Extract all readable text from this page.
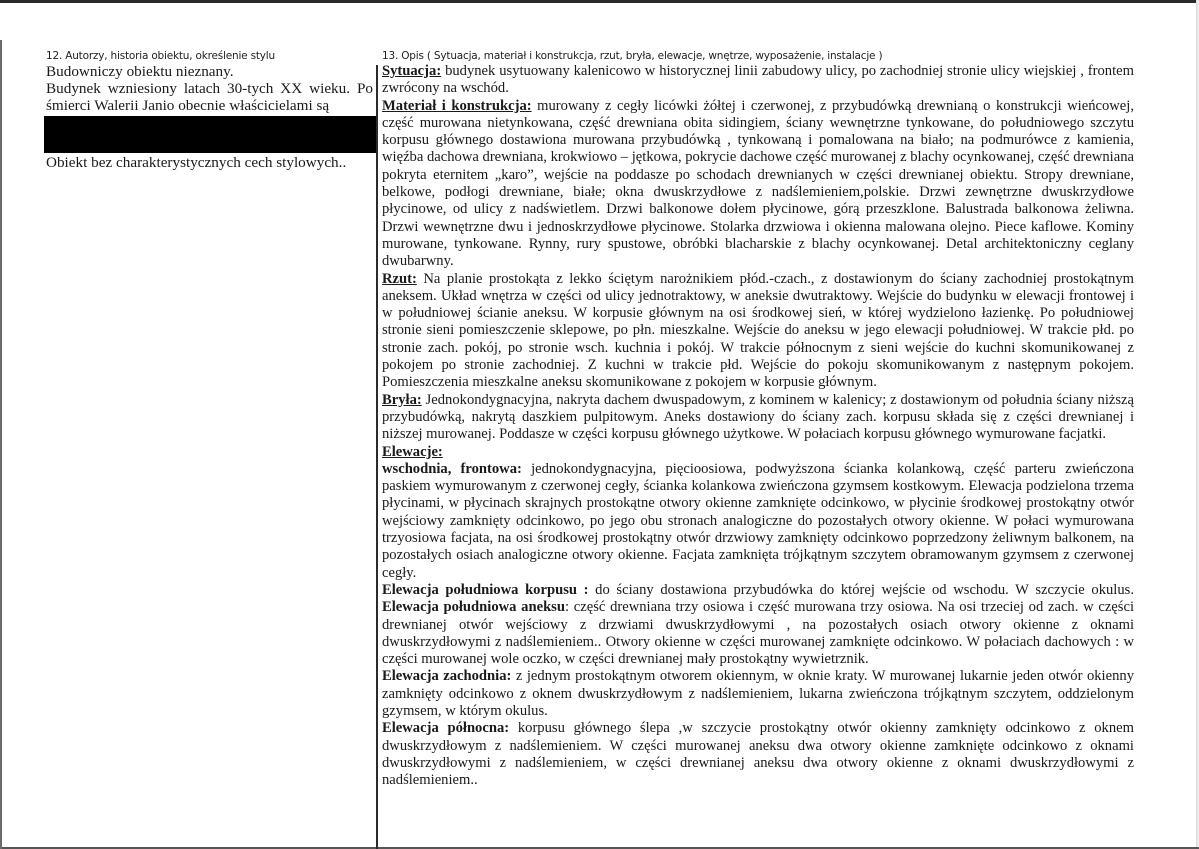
12. Autorzy, historia obiektu, określenie stylu	13. Opis ( Sytuacja, materiał i konstrukcja, rzut, bryła, elewacje, wnętrze, wyposażenie, instalacje )

Budowniczy obiektu nieznany.

Budynek wzniesiony latach 30-tych XX wieku. Po śmierci Walerii Janio obecnie właścicielami są

Obiekt bez charakterystycznych cech stylowych..

Sytuacja: budynek usytuowany kalenicowo w historycznej linii zabudowy ulicy, po zachodniej stronie ulicy wiejskiej , frontem zwrócony na wschód.

Materiał i konstrukcja: murowany z cegły licówki żółtej i czerwonej, z przybudówką drewnianą o konstrukcji wieńcowej, część murowana nietynkowana, część drewniana obita sidingiem, ściany wewnętrzne tynkowane, do południowego szczytu korpusu głównego dostawiona murowana przybudówką , tynkowaną i pomalowana na biało; na podmurówce z kamienia, więźba dachowa drewniana, krokwiowo – jętkowa, pokrycie dachowe część murowanej z blachy ocynkowanej, część drewniana pokryta eternitem „karo”, wejście na poddasze po schodach drewnianych w części drewnianej obiektu. Stropy drewniane, belkowe, podłogi drewniane, białe; okna dwuskrzydłowe z nadślemieniem,polskie. Drzwi zewnętrzne dwuskrzydłowe płycinowe, od ulicy z nadświetlem. Drzwi balkonowe dołem płycinowe, górą przeszklone. Balustrada balkonowa żeliwna. Drzwi wewnętrzne dwu i jednoskrzydłowe płycinowe. Stolarka drzwiowa i okienna malowana olejno. Piece kaflowe. Kominy murowane, tynkowane. Rynny, rury spustowe, obróbki blacharskie z blachy ocynkowanej. Detal architektoniczny ceglany dwubarwny.

Rzut: Na planie prostokąta z lekko ściętym narożnikiem płód.-czach., z dostawionym do ściany zachodniej prostokątnym aneksem. Układ wnętrza w części od ulicy jednotraktowy, w aneksie dwutraktowy. Wejście do budynku w elewacji frontowej i w południowej ścianie aneksu. W korpusie głównym na osi środkowej sień, w której wydzielono łazienkę. Po południowej stronie sieni pomieszczenie sklepowe, po płn. mieszkalne. Wejście do aneksu w jego elewacji południowej. W trakcie płd. po stronie zach. pokój, po stronie wsch. kuchnia i pokój. W trakcie północnym z sieni wejście do kuchni skomunikowanej z pokojem po stronie zachodniej. Z kuchni w trakcie płd. Wejście do pokoju skomunikowanym z następnym pokojem. Pomieszczenia mieszkalne aneksu skomunikowane z pokojem w korpusie głównym.

Bryła: Jednokondygnacyjna, nakryta dachem dwuspadowym, z kominem w kalenicy; z dostawionym od południa ściany niższą przybudówką, nakrytą daszkiem pulpitowym. Aneks dostawiony do ściany zach. korpusu składa się z części drewnianej i niższej murowanej. Poddasze w części korpusu głównego użytkowe. W połaciach korpusu głównego wymurowane facjatki.

Elewacje:

wschodnia, frontowa: jednokondygnacyjna, pięcioosiowa, podwyższona ścianka kolankową, część parteru zwieńczona paskiem wymurowanym z czerwonej cegły, ścianka kolankowa zwieńczona gzymsem kostkowym. Elewacja podzielona trzema płycinami, w płycinach skrajnych prostokątne otwory okienne zamknięte odcinkowo, w płycinie środkowej prostokątny otwór wejściowy zamknięty odcinkowo, po jego obu stronach analogiczne do pozostałych otwory okienne. W połaci wymurowana trzyosiowa facjata, na osi środkowej prostokątny otwór drzwiowy zamknięty odcinkowo poprzedzony żeliwnym balkonem, na pozostałych osiach analogiczne otwory okienne. Facjata zamknięta trójkątnym szczytem obramowanym gzymsem z czerwonej cegły.

Elewacja południowa korpusu : do ściany dostawiona przybudówka do której wejście od wschodu. W szczycie okulus. Elewacja południowa aneksu: część drewniana trzy osiowa i część murowana trzy osiowa. Na osi trzeciej od zach. w części drewnianej otwór wejściowy z drzwiami dwuskrzydłowymi , na pozostałych osiach otwory okienne z oknami dwuskrzydłowymi z nadślemieniem.. Otwory okienne w części murowanej zamknięte odcinkowo. W połaciach dachowych : w części murowanej wole oczko, w części drewnianej mały prostokątny wywietrznik.

Elewacja zachodnia: z jednym prostokątnym otworem okiennym, w oknie kraty. W murowanej lukarnie jeden otwór okienny zamknięty odcinkowo z oknem dwuskrzydłowym z nadślemieniem, lukarna zwieńczona trójkątnym szczytem, oddzielonym gzymsem, w którym okulus.

Elewacja północna: korpusu głównego ślepa ,w szczycie prostokątny otwór okienny zamknięty odcinkowo z oknem dwuskrzydłowym z nadślemieniem. W części murowanej aneksu dwa otwory okienne zamknięte odcinkowo z oknami dwuskrzydłowymi z nadślemieniem, w części drewnianej aneksu dwa otwory okienne z oknami dwuskrzydłowymi z nadślemieniem..
